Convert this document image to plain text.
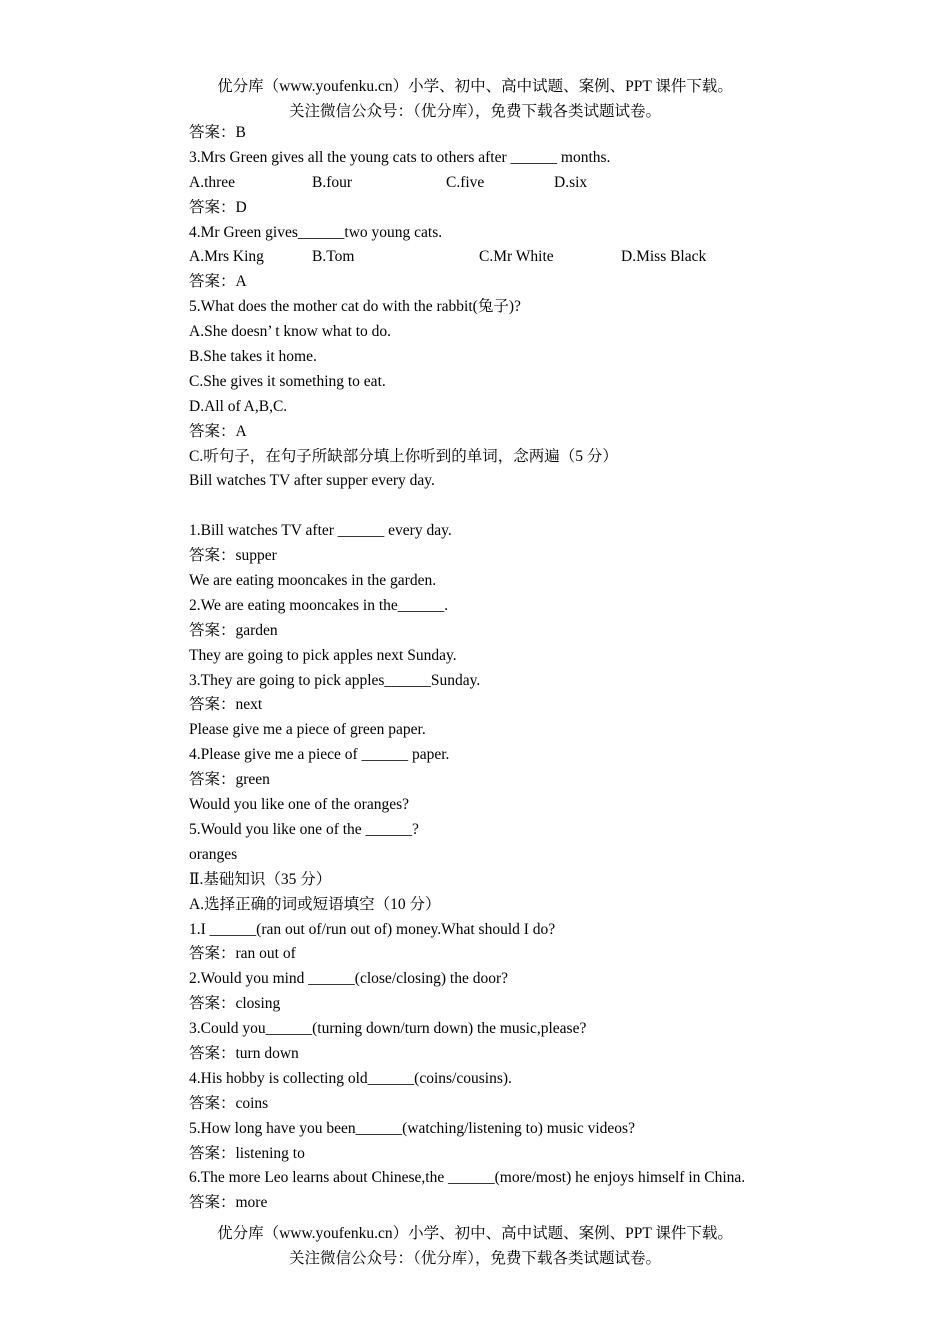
优分库（www.youfenku.cn）小学、初中、高中试题、案例、PPT 课件下载。
关注微信公众号：（优分库），免费下载各类试题试卷。
答案：B
3.Mrs Green gives all the young cats to others after ______ months.
A.three	B.four	C.five	D.six
答案：D
4.Mr Green gives______two young cats.
A.Mrs King	B.Tom	C.Mr White	D.Miss Black
答案：A
5.What does the mother cat do with the rabbit(兔子)?
A.She doesn’ t know what to do.
B.She takes it home.
C.She gives it something to eat.
D.All of A,B,C.
答案：A
C.听句子，在句子所缺部分填上你听到的单词，念两遍（5 分）
Bill watches TV after supper every day.
1.Bill watches TV after ______ every day.
答案：supper
We are eating mooncakes in the garden.
2.We are eating mooncakes in the______.
答案：garden
They are going to pick apples next Sunday.
3.They are going to pick apples______Sunday.
答案：next
Please give me a piece of green paper.
4.Please give me a piece of ______ paper.
答案：green
Would you like one of the oranges?
5.Would you like one of the ______?
oranges
Ⅱ.基础知识（35 分）
A.选择正确的词或短语填空（10 分）
1.I ______(ran out of/run out of) money.What should I do?
答案：ran out of
2.Would you mind ______(close/closing) the door?
答案：closing
3.Could you______(turning down/turn down) the music,please?
答案：turn down
4.His hobby is collecting old______(coins/cousins).
答案：coins
5.How long have you been______(watching/listening to) music videos?
答案：listening to
6.The more Leo learns about Chinese,the ______(more/most) he enjoys himself in China.
答案：more
优分库（www.youfenku.cn）小学、初中、高中试题、案例、PPT 课件下载。
关注微信公众号：（优分库），免费下载各类试题试卷。
